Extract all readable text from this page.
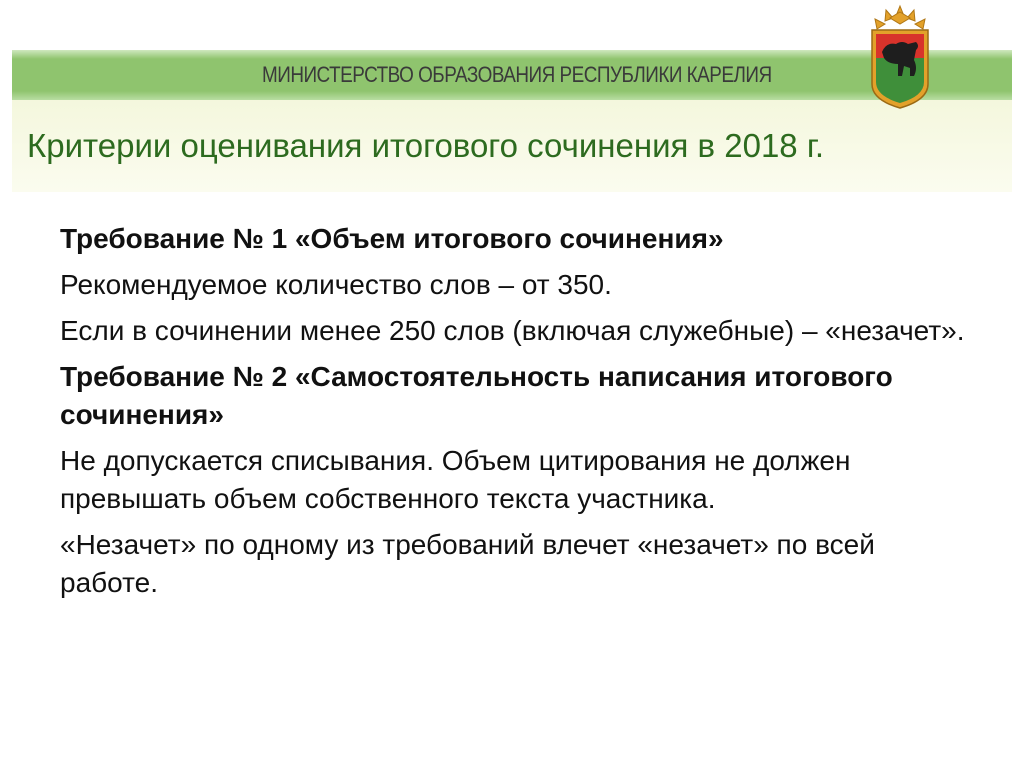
МИНИСТЕРСТВО ОБРАЗОВАНИЯ РЕСПУБЛИКИ КАРЕЛИЯ
Критерии оценивания итогового сочинения в 2018 г.

Требование № 1 «Объем итогового сочинения»

Рекомендуемое количество слов – от 350.

Если в сочинении менее 250 слов (включая служебные) – «незачет».

Требование № 2 «Самостоятельность написания итогового сочинения»

Не допускается списывания. Объем цитирования не должен превышать объем собственного текста участника.

«Незачет» по одному из требований влечет «незачет» по всей работе.
